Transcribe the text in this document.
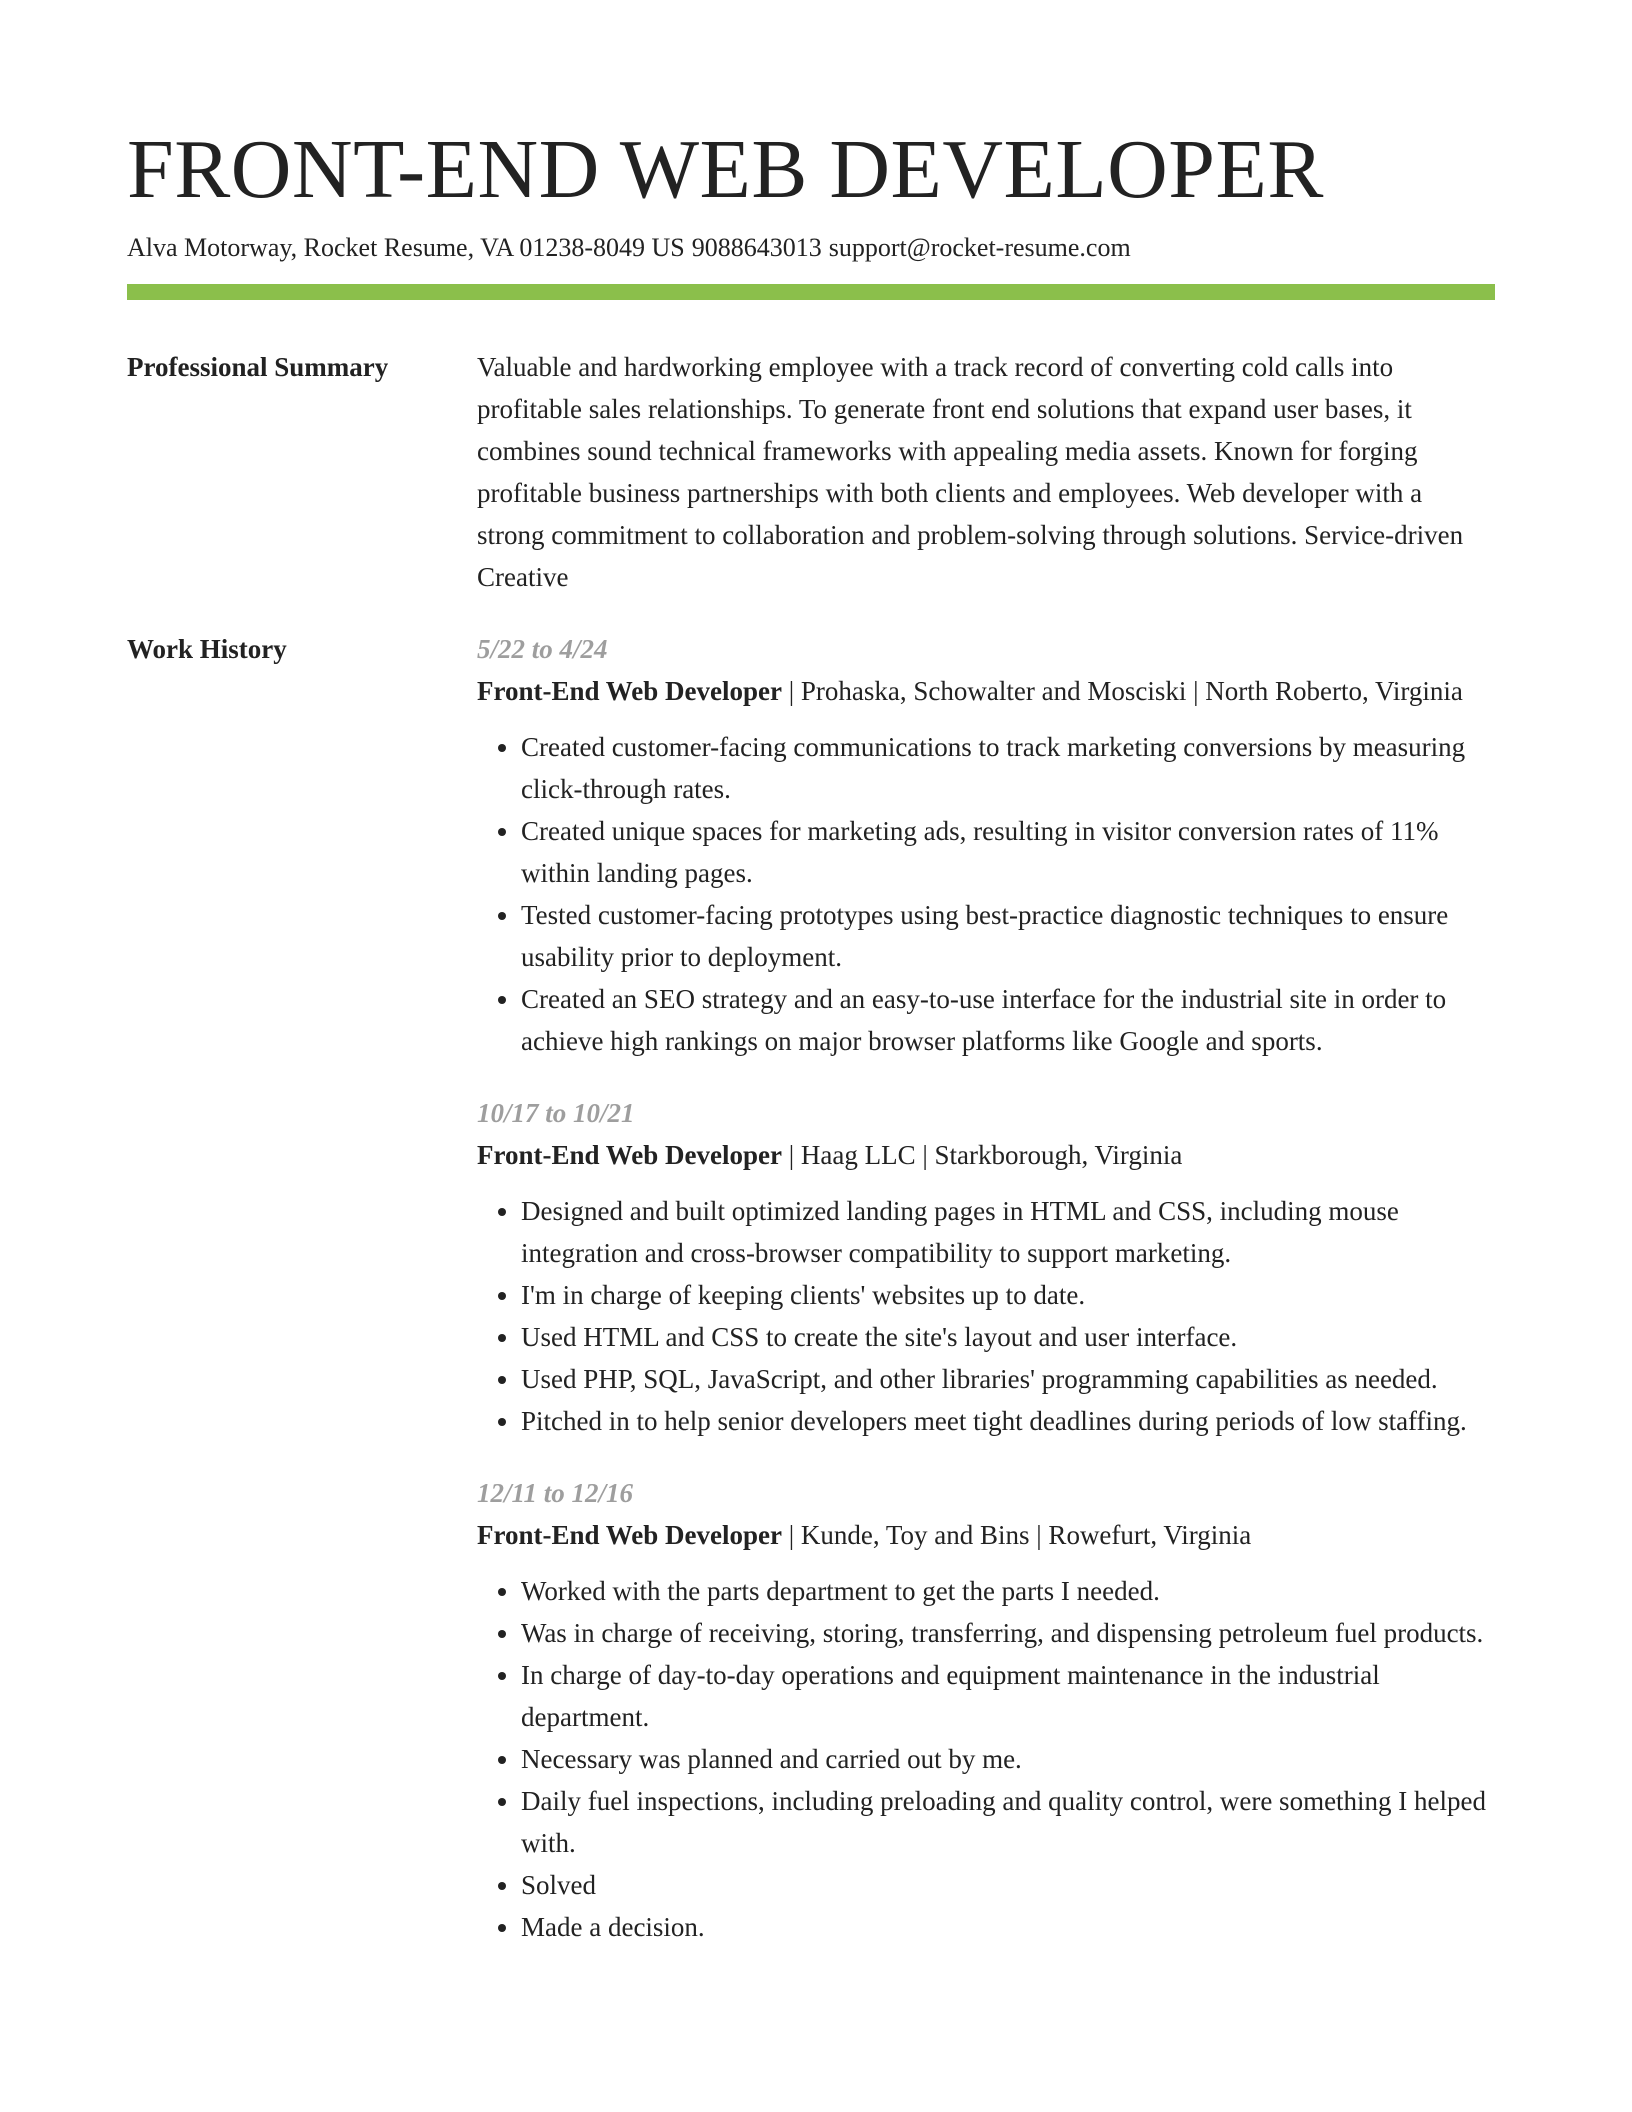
FRONT-END WEB DEVELOPER
Alva Motorway, Rocket Resume, VA 01238-8049 US 9088643013 support@rocket-resume.com
Professional Summary	Valuable and hardworking employee with a track record of converting cold calls into profitable sales relationships. To generate front end solutions that expand user bases, it combines sound technical frameworks with appealing media assets. Known for forging profitable business partnerships with both clients and employees. Web developer with a strong commitment to collaboration and problem-solving through solutions. Service-driven Creative

Work History	5/22 to 4/24
Front-End Web Developer | Prohaska, Schowalter and Mosciski | North Roberto, Virginia
• Created customer-facing communications to track marketing conversions by measuring click-through rates.
• Created unique spaces for marketing ads, resulting in visitor conversion rates of 11% within landing pages.
• Tested customer-facing prototypes using best-practice diagnostic techniques to ensure usability prior to deployment.
• Created an SEO strategy and an easy-to-use interface for the industrial site in order to achieve high rankings on major browser platforms like Google and sports.
10/17 to 10/21
Front-End Web Developer | Haag LLC | Starkborough, Virginia
• Designed and built optimized landing pages in HTML and CSS, including mouse integration and cross-browser compatibility to support marketing.
• I'm in charge of keeping clients' websites up to date.
• Used HTML and CSS to create the site's layout and user interface.
• Used PHP, SQL, JavaScript, and other libraries' programming capabilities as needed.
• Pitched in to help senior developers meet tight deadlines during periods of low staffing.
12/11 to 12/16
Front-End Web Developer | Kunde, Toy and Bins | Rowefurt, Virginia
• Worked with the parts department to get the parts I needed.
• Was in charge of receiving, storing, transferring, and dispensing petroleum fuel products.
• In charge of day-to-day operations and equipment maintenance in the industrial department.
• Necessary was planned and carried out by me.
• Daily fuel inspections, including preloading and quality control, were something I helped with.
• Solved
• Made a decision.
